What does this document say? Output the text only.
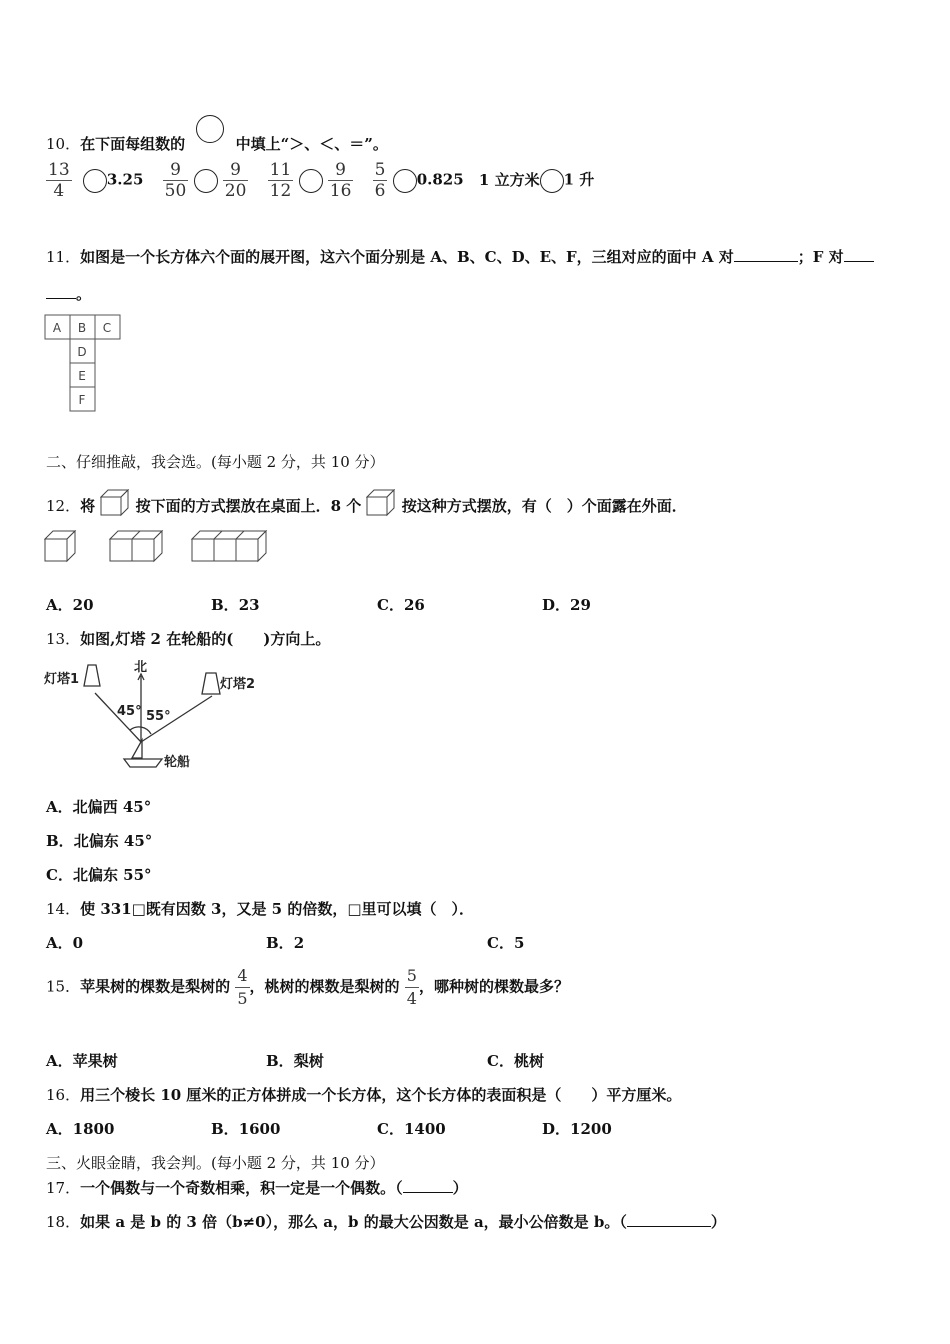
10．在下面每组数的	中填上“＞、＜、＝”。
$\frac{13}{4} 3.25 \frac{9}{50}$
$\frac{9}{20}$
$\frac{11}{12}$
$\frac{9}{16}$
$\frac{5}{6} 0.825$ 1 立方米 1 升
11．如图是一个长方体六个面的展开图，这六个面分别是 A、B、C、D、E、F，三组对应的面中 A 对	；F 对
。
A B C
D
E
F
二、仔细推敲，我会选。(每小题 2 分，共 10 分）
12．将	按下面的方式摆放在桌面上．8 个	按这种方式摆放，有（　）个面露在外面．
A．20	B．23	C．26	D．29
13．如图,灯塔 2 在轮船的(　　)方向上。
灯塔1	灯塔2
北
轮船
45° 55°
A．北偏西 45°
B．北偏东 45°
C．北偏东 55°
14．使 331□既有因数 3，又是 5 的倍数，□里可以填（　）．
A．0	B．2	C．5
15．苹果树的棵数是梨树的 $\frac{4}{5}$ ，桃树的棵数是梨树的 $\frac{5}{4}$ ，哪种树的棵数最多？
A．苹果树	B．梨树	C．桃树
16．用三个棱长 10 厘米的正方体拼成一个长方体，这个长方体的表面积是（　　）平方厘米。
A．1800	B．1600	C．1400	D．1200
三、火眼金睛，我会判。(每小题 2 分，共 10 分）
17．一个偶数与一个奇数相乘，积一定是一个偶数。（	）
18．如果 a 是 b 的 3 倍（b≠0），那么 a，b 的最大公因数是 a，最小公倍数是 b。（	）
